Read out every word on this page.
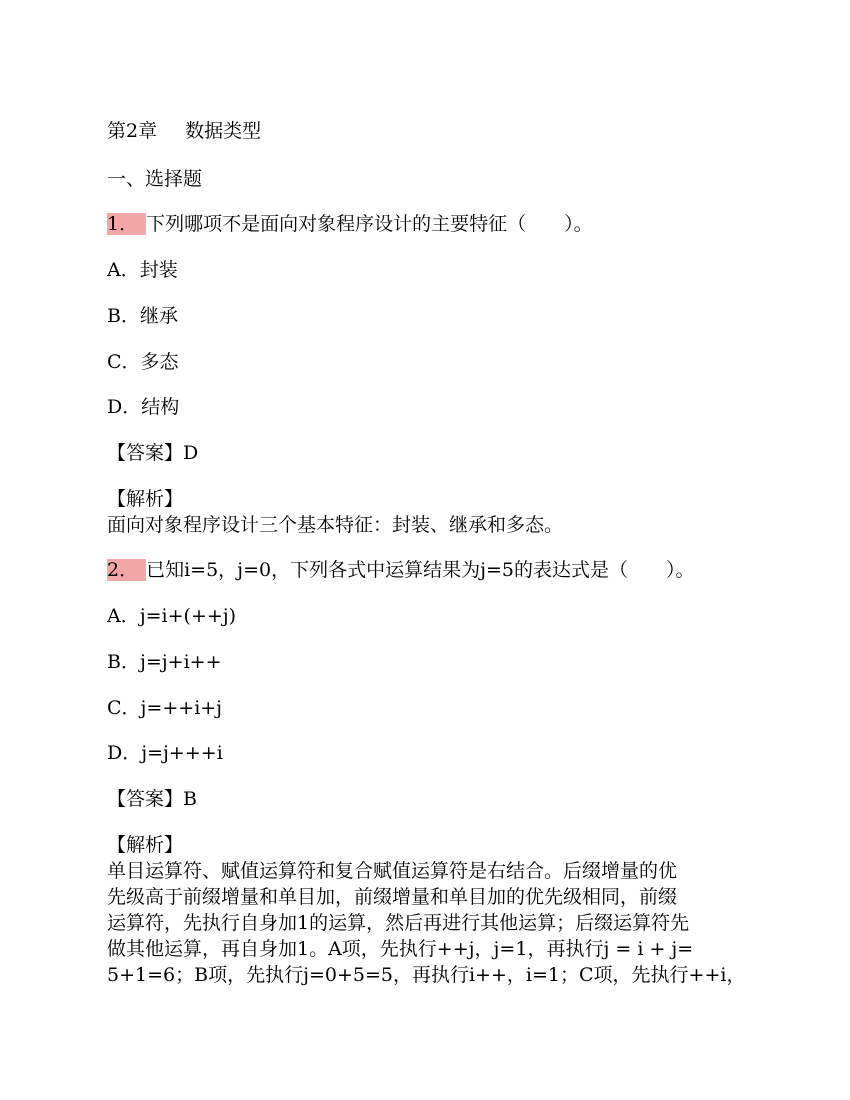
第2章 数据类型
一、选择题
1． 下列哪项不是面向对象程序设计的主要特征（　　）。
A．封装
B．继承
C．多态
D．结构
【答案】D
【解析】
面向对象程序设计三个基本特征：封装、继承和多态。
2． 已知i=5，j=0，下列各式中运算结果为j=5的表达式是（　　）。
A．j=i+(++j)
B．j=j+i++
C．j=++i+j
D．j=j+++i
【答案】B
【解析】
单目运算符、赋值运算符和复合赋值运算符是右结合。后缀增量的优
先级高于前缀增量和单目加，前缀增量和单目加的优先级相同，前缀
运算符，先执行自身加1的运算，然后再进行其他运算；后缀运算符先
做其他运算，再自身加1。A项，先执行++j，j=1，再执行j = i + j=
5+1=6；B项，先执行j=0+5=5，再执行i++，i=1；C项，先执行++i，
